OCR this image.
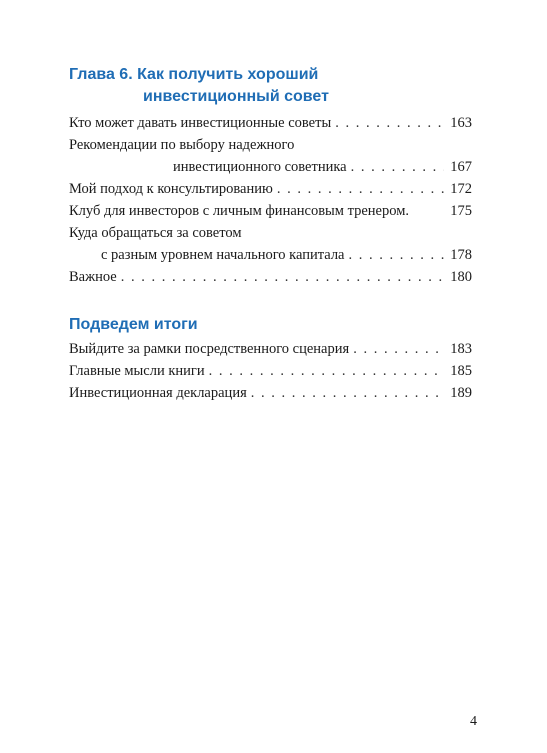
Глава 6. Как получить хороший
инвестиционный совет
Кто может давать инвестиционные советы . . .	163
Рекомендации по выбору надежного
инвестиционного советника . . .	167
Мой подход к консультированию . . .	172
Клуб для инвесторов с личным финансовым тренером.	175
Куда обращаться за советом
с разным уровнем начального капитала . . .	178
Важное . . .	180
Подведем итоги
Выйдите за рамки посредственного сценария . . .	183
Главные мысли книги . . .	185
Инвестиционная декларация . . .	189
4
